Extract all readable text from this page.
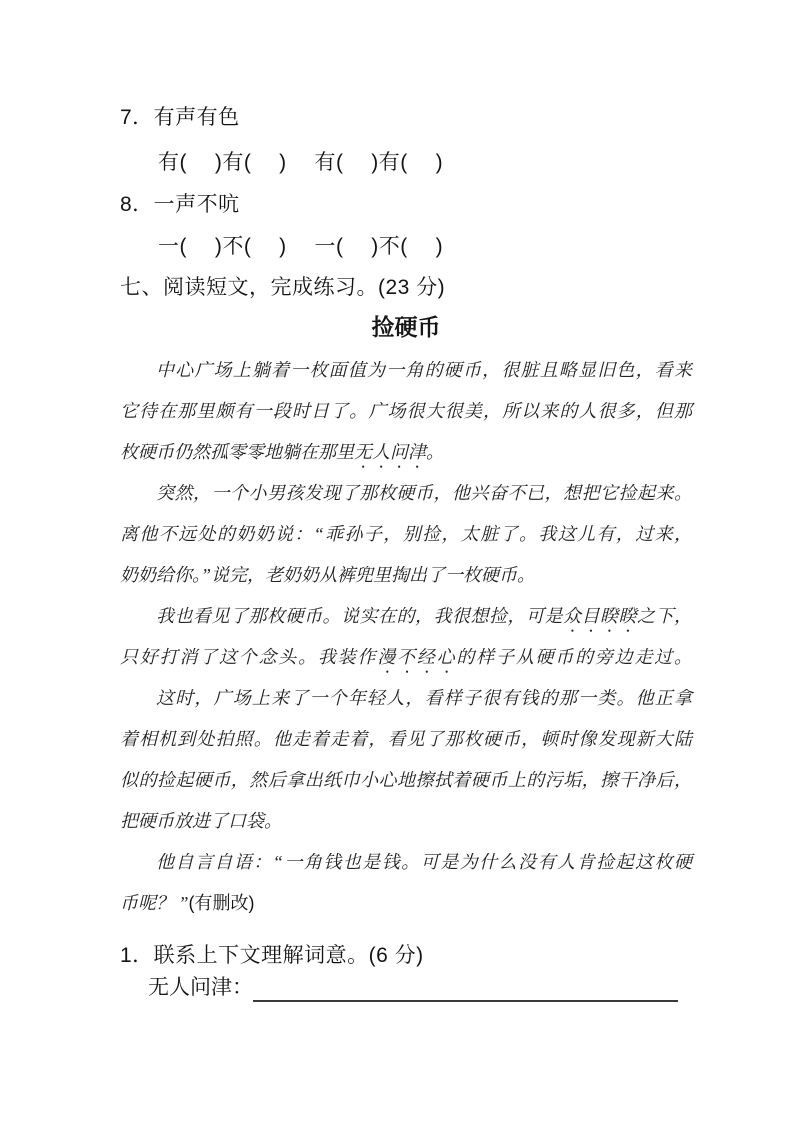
7．有声有色
有(　 )有(　 )　 有(　 )有(　 )
8．一声不吭
一(　 )不(　 )　 一(　 )不(　 )
七、阅读短文，完成练习。(23 分)
捡硬币
中心广场上躺着一枚面值为一角的硬币，很脏且略显旧色，看来
它待在那里颇有一段时日了。广场很大很美，所以来的人很多，但那
枚硬币仍然孤零零地躺在那里无人问津。
突然，一个小男孩发现了那枚硬币，他兴奋不已，想把它捡起来。
离他不远处的奶奶说：“乖孙子，别捡，太脏了。我这儿有，过来，
奶奶给你。”说完，老奶奶从裤兜里掏出了一枚硬币。
我也看见了那枚硬币。说实在的，我很想捡，可是众目睽睽之下，
只好打消了这个念头。我装作漫不经心的样子从硬币的旁边走过。
这时，广场上来了一个年轻人，看样子很有钱的那一类。他正拿
着相机到处拍照。他走着走着，看见了那枚硬币，顿时像发现新大陆
似的捡起硬币，然后拿出纸巾小心地擦拭着硬币上的污垢，擦干净后，
把硬币放进了口袋。
他自言自语：“一角钱也是钱。可是为什么没有人肯捡起这枚硬
币呢？ ”(有删改)
1．联系上下文理解词意。(6 分)
无人问津：
